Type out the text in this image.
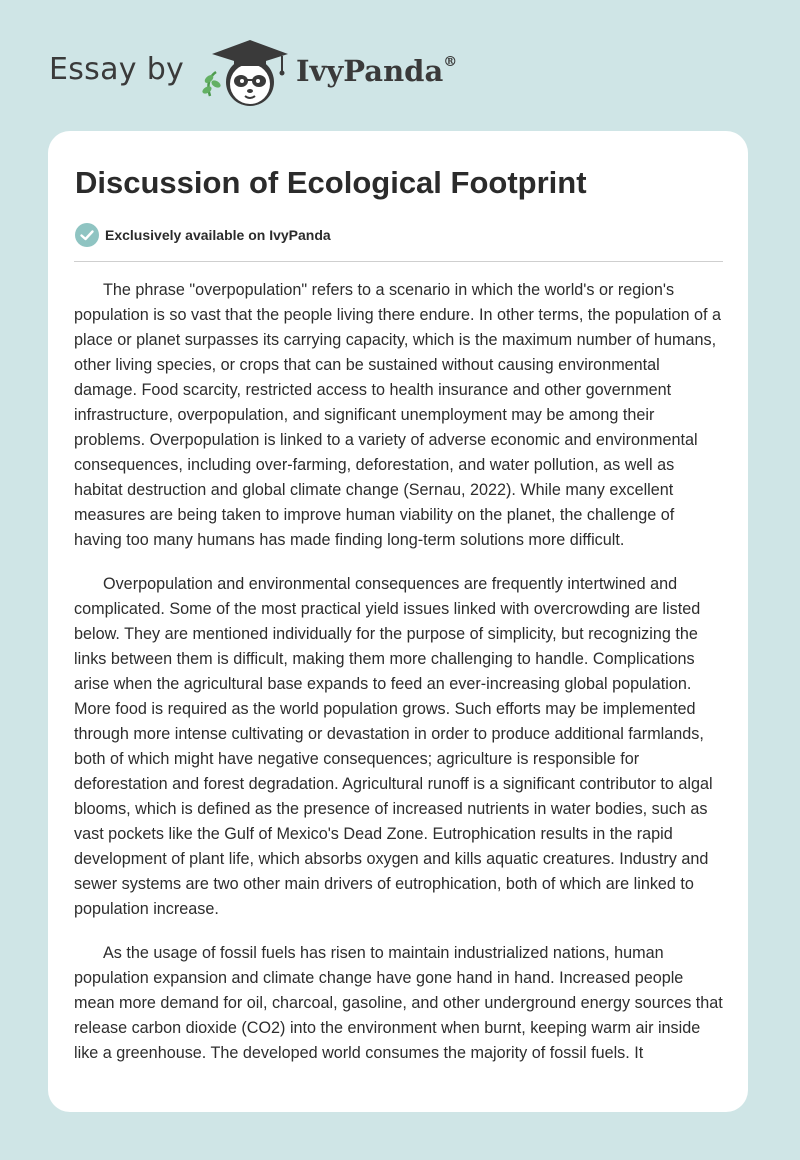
Essay by	IvyPanda®
Discussion of Ecological Footprint
Exclusively available on IvyPanda

The phrase "overpopulation" refers to a scenario in which the world's or region's population is so vast that the people living there endure. In other terms, the population of a place or planet surpasses its carrying capacity, which is the maximum number of humans, other living species, or crops that can be sustained without causing environmental damage. Food scarcity, restricted access to health insurance and other government infrastructure, overpopulation, and significant unemployment may be among their problems. Overpopulation is linked to a variety of adverse economic and environmental consequences, including over-farming, deforestation, and water pollution, as well as habitat destruction and global climate change (Sernau, 2022). While many excellent measures are being taken to improve human viability on the planet, the challenge of having too many humans has made finding long-term solutions more difficult.

Overpopulation and environmental consequences are frequently intertwined and complicated. Some of the most practical yield issues linked with overcrowding are listed below. They are mentioned individually for the purpose of simplicity, but recognizing the links between them is difficult, making them more challenging to handle. Complications arise when the agricultural base expands to feed an ever-increasing global population. More food is required as the world population grows. Such efforts may be implemented through more intense cultivating or devastation in order to produce additional farmlands, both of which might have negative consequences; agriculture is responsible for deforestation and forest degradation. Agricultural runoff is a significant contributor to algal blooms, which is defined as the presence of increased nutrients in water bodies, such as vast pockets like the Gulf of Mexico's Dead Zone. Eutrophication results in the rapid development of plant life, which absorbs oxygen and kills aquatic creatures. Industry and sewer systems are two other main drivers of eutrophication, both of which are linked to population increase.

As the usage of fossil fuels has risen to maintain industrialized nations, human population expansion and climate change have gone hand in hand. Increased people mean more demand for oil, charcoal, gasoline, and other underground energy sources that release carbon dioxide (CO2) into the environment when burnt, keeping warm air inside like a greenhouse. The developed world consumes the majority of fossil fuels. It
